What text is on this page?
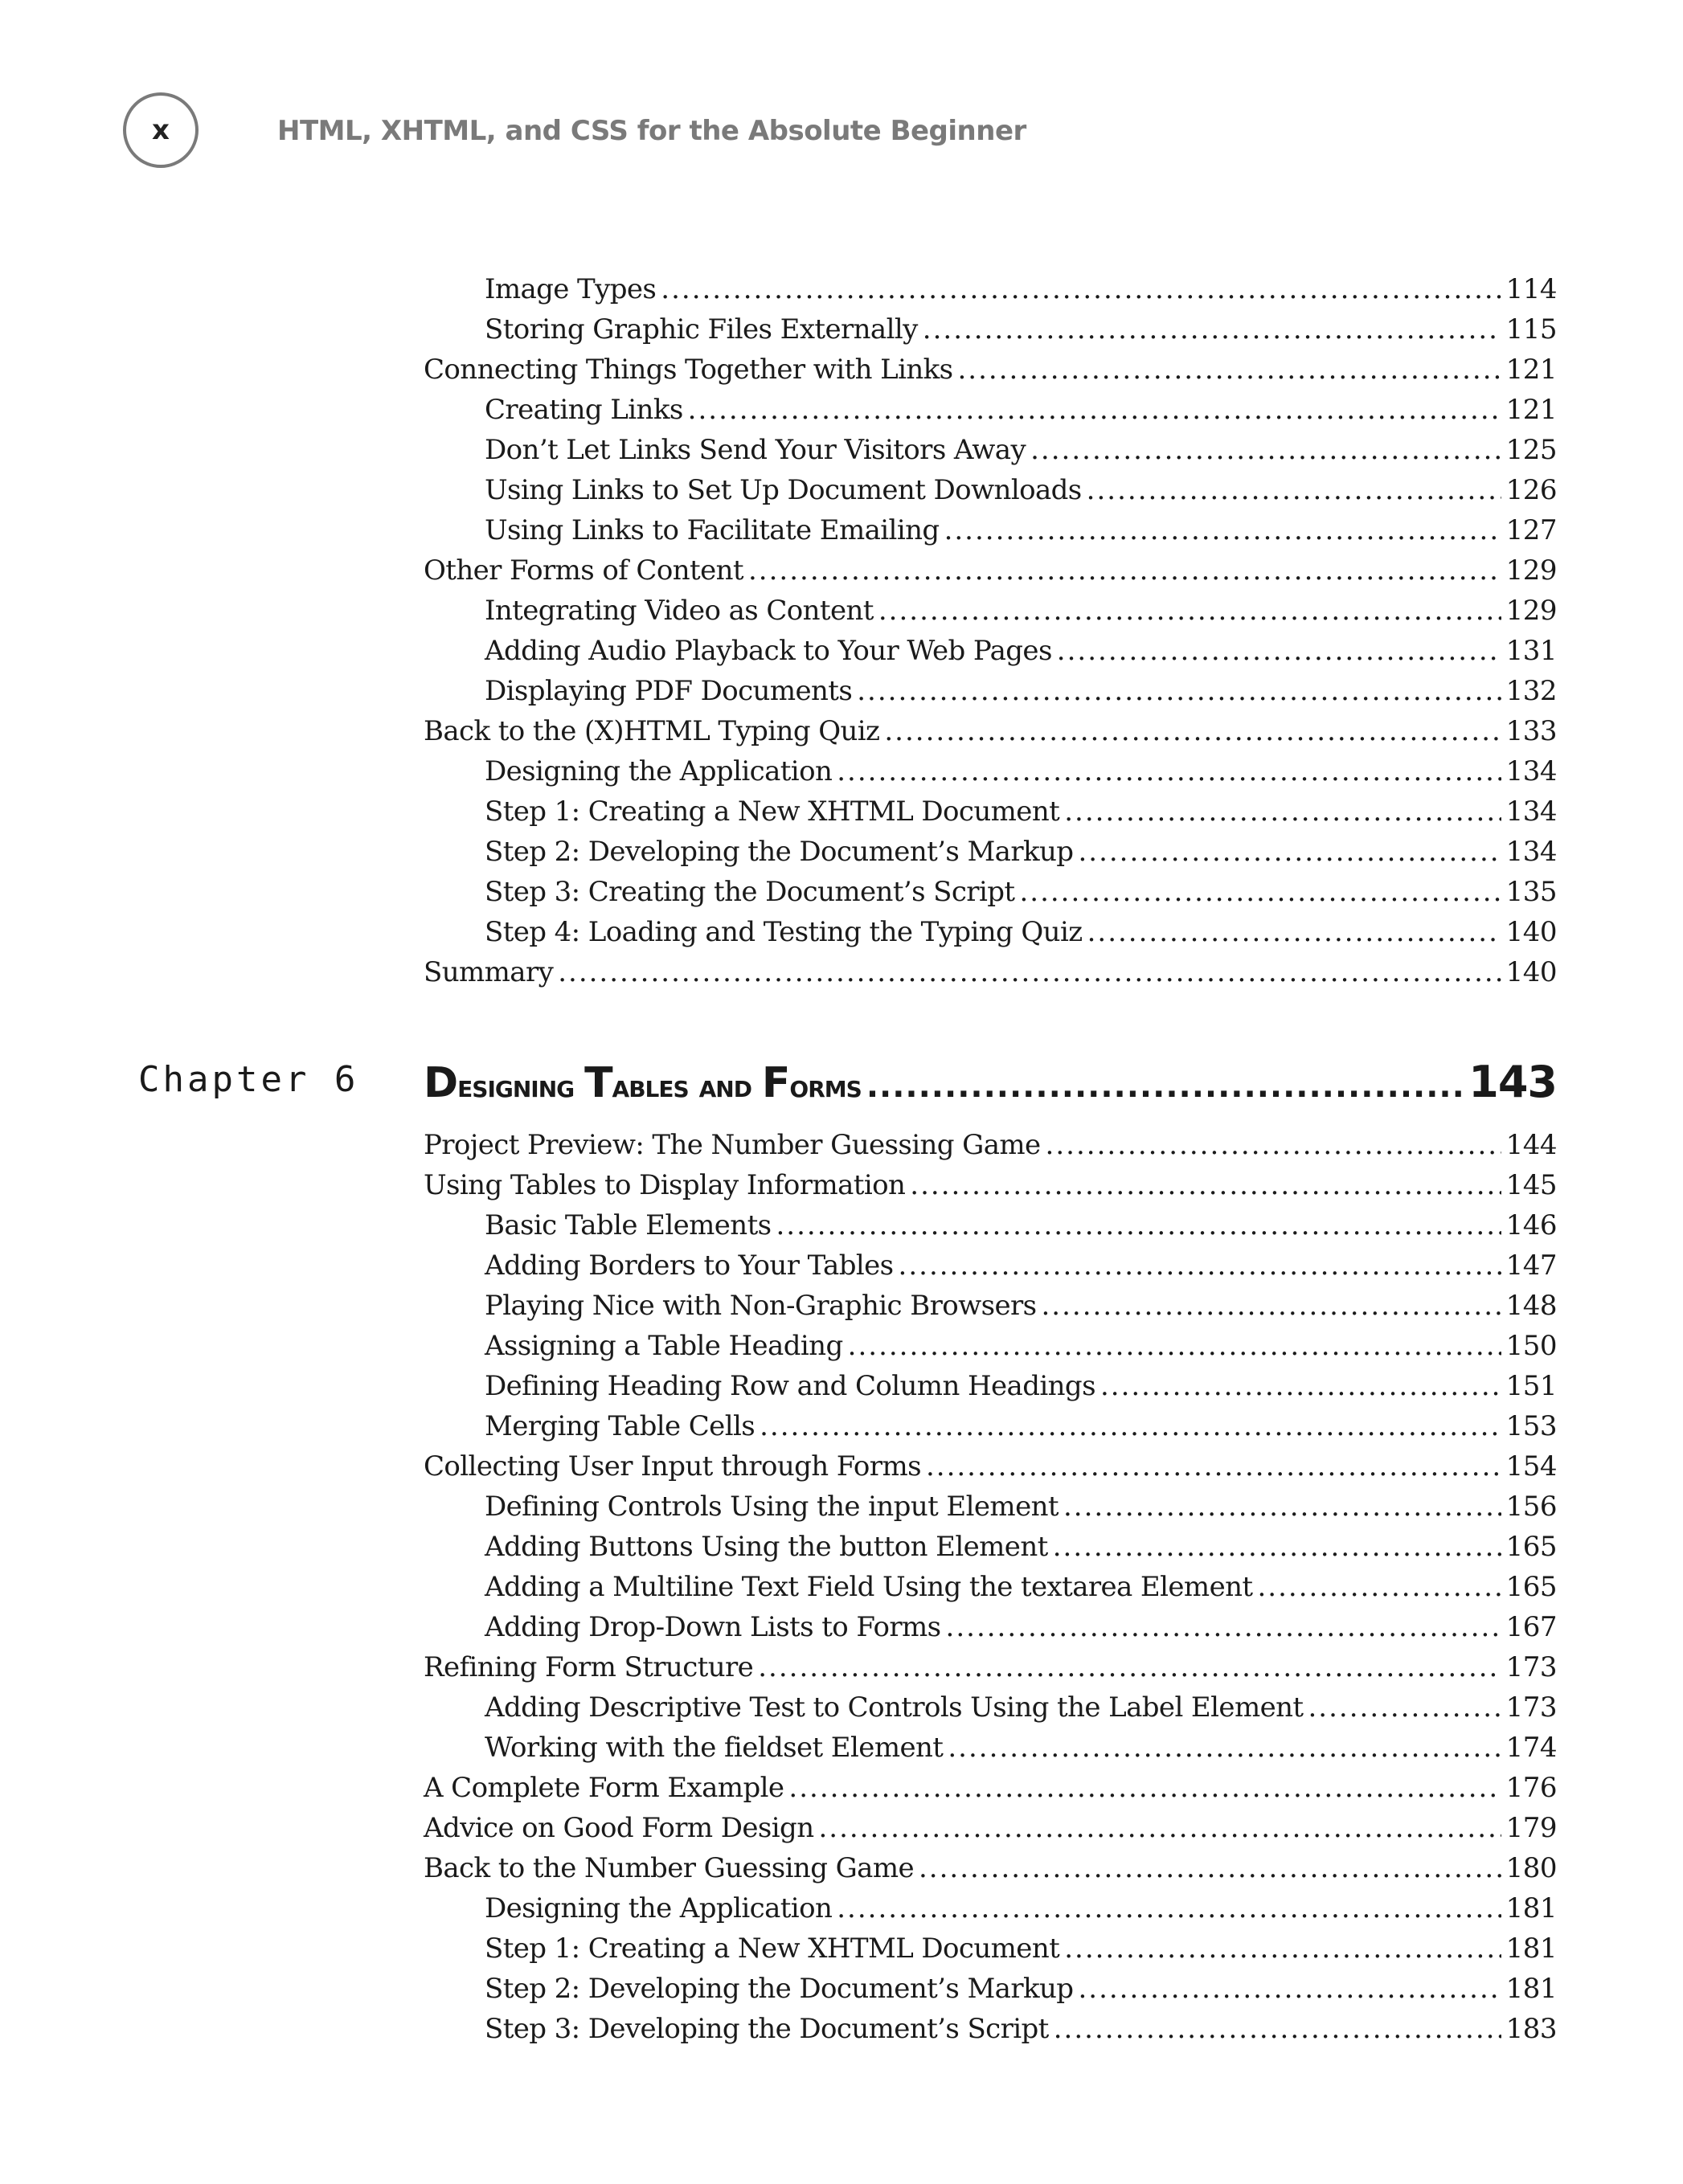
x	HTML, XHTML, and CSS for the Absolute Beginner
Image Types .....	114
Storing Graphic Files Externally .....	115
Connecting Things Together with Links .....	121
Creating Links .....	121
Don’t Let Links Send Your Visitors Away .....	125
Using Links to Set Up Document Downloads .....	126
Using Links to Facilitate Emailing .....	127
Other Forms of Content .....	129
Integrating Video as Content .....	129
Adding Audio Playback to Your Web Pages .....	131
Displaying PDF Documents .....	132
Back to the (X)HTML Typing Quiz .....	133
Designing the Application .....	134
Step 1: Creating a New XHTML Document .....	134
Step 2: Developing the Document’s Markup .....	134
Step 3: Creating the Document’s Script .....	135
Step 4: Loading and Testing the Typing Quiz .....	140
Summary .....	140
Chapter 6 Designing Tables and Forms .....	143
Project Preview: The Number Guessing Game .....	144
Using Tables to Display Information .....	145
Basic Table Elements .....	146
Adding Borders to Your Tables .....	147
Playing Nice with Non-Graphic Browsers .....	148
Assigning a Table Heading .....	150
Defining Heading Row and Column Headings .....	151
Merging Table Cells .....	153
Collecting User Input through Forms .....	154
Defining Controls Using the input Element .....	156
Adding Buttons Using the button Element .....	165
Adding a Multiline Text Field Using the textarea Element .....	165
Adding Drop-Down Lists to Forms .....	167
Refining Form Structure .....	173
Adding Descriptive Test to Controls Using the Label Element .....	173
Working with the fieldset Element .....	174
A Complete Form Example .....	176
Advice on Good Form Design .....	179
Back to the Number Guessing Game .....	180
Designing the Application .....	181
Step 1: Creating a New XHTML Document .....	181
Step 2: Developing the Document’s Markup .....	181
Step 3: Developing the Document’s Script .....	183
